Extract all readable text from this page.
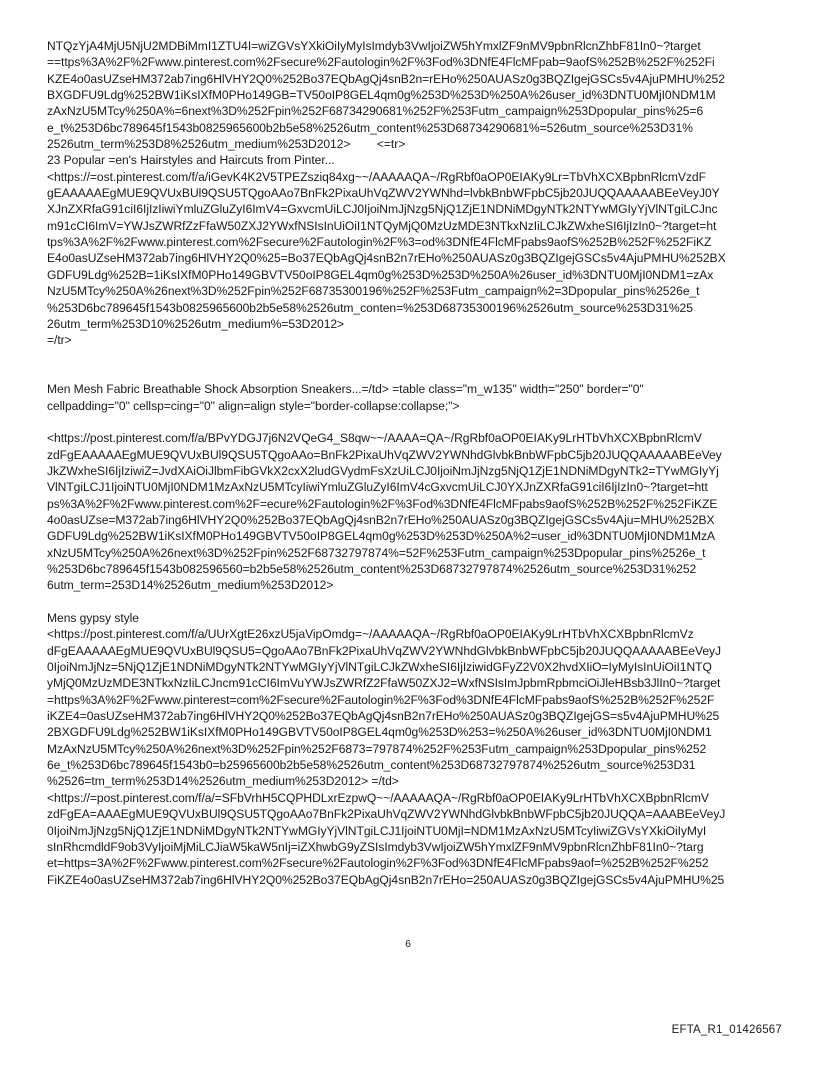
NTQzYjA4MjU5NjU2MDBiMmI1ZTU4I=wiZGVsYXkiOiIyMyIsImdyb3VwIjoiZW5hYmxlZF9nMV9pbnRlcnZhbF81In0~?target
==ttps%3A%2F%2Fwww.pinterest.com%2Fsecure%2Fautologin%2F%3Fod%3DNfE4FlcMFpab=9aofS%252B%252F%252Fi
KZE4o0asUZseHM372ab7ing6HlVHY2Q0%252Bo37EQbAgQj4snB2n=rEHo%250AUASz0g3BQZIgejGSCs5v4AjuPMHU%252
BXGDFU9Ldg%252BW1iKsIXfM0PHo149GB=TV50oIP8GEL4qm0g%253D%253D%250A%26user_id%3DNTU0MjI0NDM1M
zAxNzU5MTcy%250A%=6next%3D%252Fpin%252F68734290681%252F%253Futm_campaign%253Dpopular_pins%25=6
e_t%253D6bc789645f1543b0825965600b2b5e58%2526utm_content%253D68734290681%=526utm_source%253D31%
2526utm_term%253D8%2526utm_medium%253D2012>        <=tr>
23 Popular =en's Hairstyles and Haircuts from Pinter...
<https://=ost.pinterest.com/f/a/iGevK4K2V5TPEZsziq84xg~~/AAAAAQA~/RgRbf0aOP0EIAKy9Lr=TbVhXCXBpbnRlcmVzdF
gEAAAAAEgMUE9QVUxBUl9QSU5TQgoAAo7BnFk2PixaUhVqZWV2YWNhd=lvbkBnbWFpbC5jb20JUQQAAAAABEeVeyJ0Y
XJnZXRfaG91ciI6IjIzIiwiYmluZGluZyI6ImV4=GxvcmUiLCJ0IjoiNmJjNzg5NjQ1ZjE1NDNiMDgyNTk2NTYwMGIyYjVlNTgiLCJnc
m91cCI6ImV=YWJsZWRfZzFfaW50ZXJ2YWxfNSIsInUiOiI1NTQyMjQ0MzUzMDE3NTkxNzIiLCJkZWxheSI6IjIzIn0~?target=ht
tps%3A%2F%2Fwww.pinterest.com%2Fsecure%2Fautologin%2F%3=od%3DNfE4FlcMFpabs9aofS%252B%252F%252FiKZ
E4o0asUZseHM372ab7ing6HlVHY2Q0%25=Bo37EQbAgQj4snB2n7rEHo%250AUASz0g3BQZIgejGSCs5v4AjuPMHU%252BX
GDFU9Ldg%252B=1iKsIXfM0PHo149GBVTV50oIP8GEL4qm0g%253D%253D%250A%26user_id%3DNTU0MjI0NDM1=zAx
NzU5MTcy%250A%26next%3D%252Fpin%252F68735300196%252F%253Futm_campaign%2=3Dpopular_pins%2526e_t
%253D6bc789645f1543b0825965600b2b5e58%2526utm_conten=%253D68735300196%2526utm_source%253D31%25
26utm_term%253D10%2526utm_medium%=53D2012>
=/tr>
Men Mesh Fabric Breathable Shock Absorption Sneakers...=/td> =table class="m_w135" width="250" border="0"
cellpadding="0" cellsp=cing="0" align=align style="border-collapse:collapse;">
<https://post.pinterest.com/f/a/BPvYDGJ7j6N2VQeG4_S8qw~~/AAAA=QA~/RgRbf0aOP0EIAKy9LrHTbVhXCXBpbnRlcmV
zdFgEAAAAAEgMUE9QVUxBUl9QSU5TQgoAAo=BnFk2PixaUhVqZWV2YWNhdGlvbkBnbWFpbC5jb20JUQQAAAAABEeVey
JkZWxheSI6IjIziwiZ=JvdXAiOiJlbmFibGVkX2cxX2ludGVydmFsXzUiLCJ0IjoiNmJjNzg5NjQ1ZjE1NDNiMDgyNTk2=TYwMGIyYj
VlNTgiLCJ1IjoiNTU0MjI0NDM1MzAxNzU5MTcyIiwiYmluZGluZyI6ImV4cGxvcmUiLCJ0YXJnZXRfaG91ciI6IjIzIn0~?target=htt
ps%3A%2F%2Fwww.pinterest.com%2F=ecure%2Fautologin%2F%3Fod%3DNfE4FlcMFpabs9aofS%252B%252F%252FiKZE
4o0asUZse=M372ab7ing6HlVHY2Q0%252Bo37EQbAgQj4snB2n7rEHo%250AUASz0g3BQZIgejGSCs5v4Aju=MHU%252BX
GDFU9Ldg%252BW1iKsIXfM0PHo149GBVTV50oIP8GEL4qm0g%253D%253D%250A%2=user_id%3DNTU0MjI0NDM1MzA
xNzU5MTcy%250A%26next%3D%252Fpin%252F68732797874%=52F%253Futm_campaign%253Dpopular_pins%2526e_t
%253D6bc789645f1543b082596560=b2b5e58%2526utm_content%253D68732797874%2526utm_source%253D31%252
6utm_term=253D14%2526utm_medium%253D2012>
Mens gypsy style
<https://post.pinterest.com/f/a/UUrXgtE26xzU5jaVipOmdg=~/AAAAAQA~/RgRbf0aOP0EIAKy9LrHTbVhXCXBpbnRlcmVz
dFgEAAAAAEgMUE9QVUxBUl9QSU5=QgoAAo7BnFk2PixaUhVqZWV2YWNhdGlvbkBnbWFpbC5jb20JUQQAAAAABEeVeyJ
0IjoiNmJjNz=5NjQ1ZjE1NDNiMDgyNTk2NTYwMGIyYjVlNTgiLCJkZWxheSI6IjIziwidGFyZ2V0X2hvdXIiO=IyMyIsInUiOiI1NTQ
yMjQ0MzUzMDE3NTkxNzIiLCJncm91cCI6ImVuYWJsZWRfZ2FfaW50ZXJ2=WxfNSIsImJpbmRpbmciOiJleHBsb3JlIn0~?target
=https%3A%2F%2Fwww.pinterest=com%2Fsecure%2Fautologin%2F%3Fod%3DNfE4FlcMFpabs9aofS%252B%252F%252F
iKZE4=0asUZseHM372ab7ing6HlVHY2Q0%252Bo37EQbAgQj4snB2n7rEHo%250AUASz0g3BQZIgejGS=s5v4AjuPMHU%25
2BXGDFU9Ldg%252BW1iKsIXfM0PHo149GBVTV50oIP8GEL4qm0g%253D%253=%250A%26user_id%3DNTU0MjI0NDM1
MzAxNzU5MTcy%250A%26next%3D%252Fpin%252F6873=797874%252F%253Futm_campaign%253Dpopular_pins%252
6e_t%253D6bc789645f1543b0=b25965600b2b5e58%2526utm_content%253D68732797874%2526utm_source%253D31
%2526=tm_term%253D14%2526utm_medium%253D2012> =/td>
<https://=post.pinterest.com/f/a/=SFbVrhH5CQPHDLxrEzpwQ~~/AAAAAQA~/RgRbf0aOP0EIAKy9LrHTbVhXCXBpbnRlcmV
zdFgEA=AAAEgMUE9QVUxBUl9QSU5TQgoAAo7BnFk2PixaUhVqZWV2YWNhdGlvbkBnbWFpbC5jb20JUQQA=AAABEeVeyJ
0IjoiNmJjNzg5NjQ1ZjE1NDNiMDgyNTk2NTYwMGIyYjVlNTgiLCJ1IjoiNTU0MjI=NDM1MzAxNzU5MTcyIiwiZGVsYXkiOiIyMyI
sInRhcmdldF9ob3VyIjoiMjMiLCJiaW5kaW5nIj=iZXhwbG9yZSIsImdyb3VwIjoiZW5hYmxlZF9nMV9pbnRlcnZhbF81In0~?targ
et=https=3A%2F%2Fwww.pinterest.com%2Fsecure%2Fautologin%2F%3Fod%3DNfE4FlcMFpabs9aof=%252B%252F%252
FiKZE4o0asUZseHM372ab7ing6HlVHY2Q0%252Bo37EQbAgQj4snB2n7rEHo=250AUASz0g3BQZIgejGSCs5v4AjuPMHU%25
6
EFTA_R1_01426567
